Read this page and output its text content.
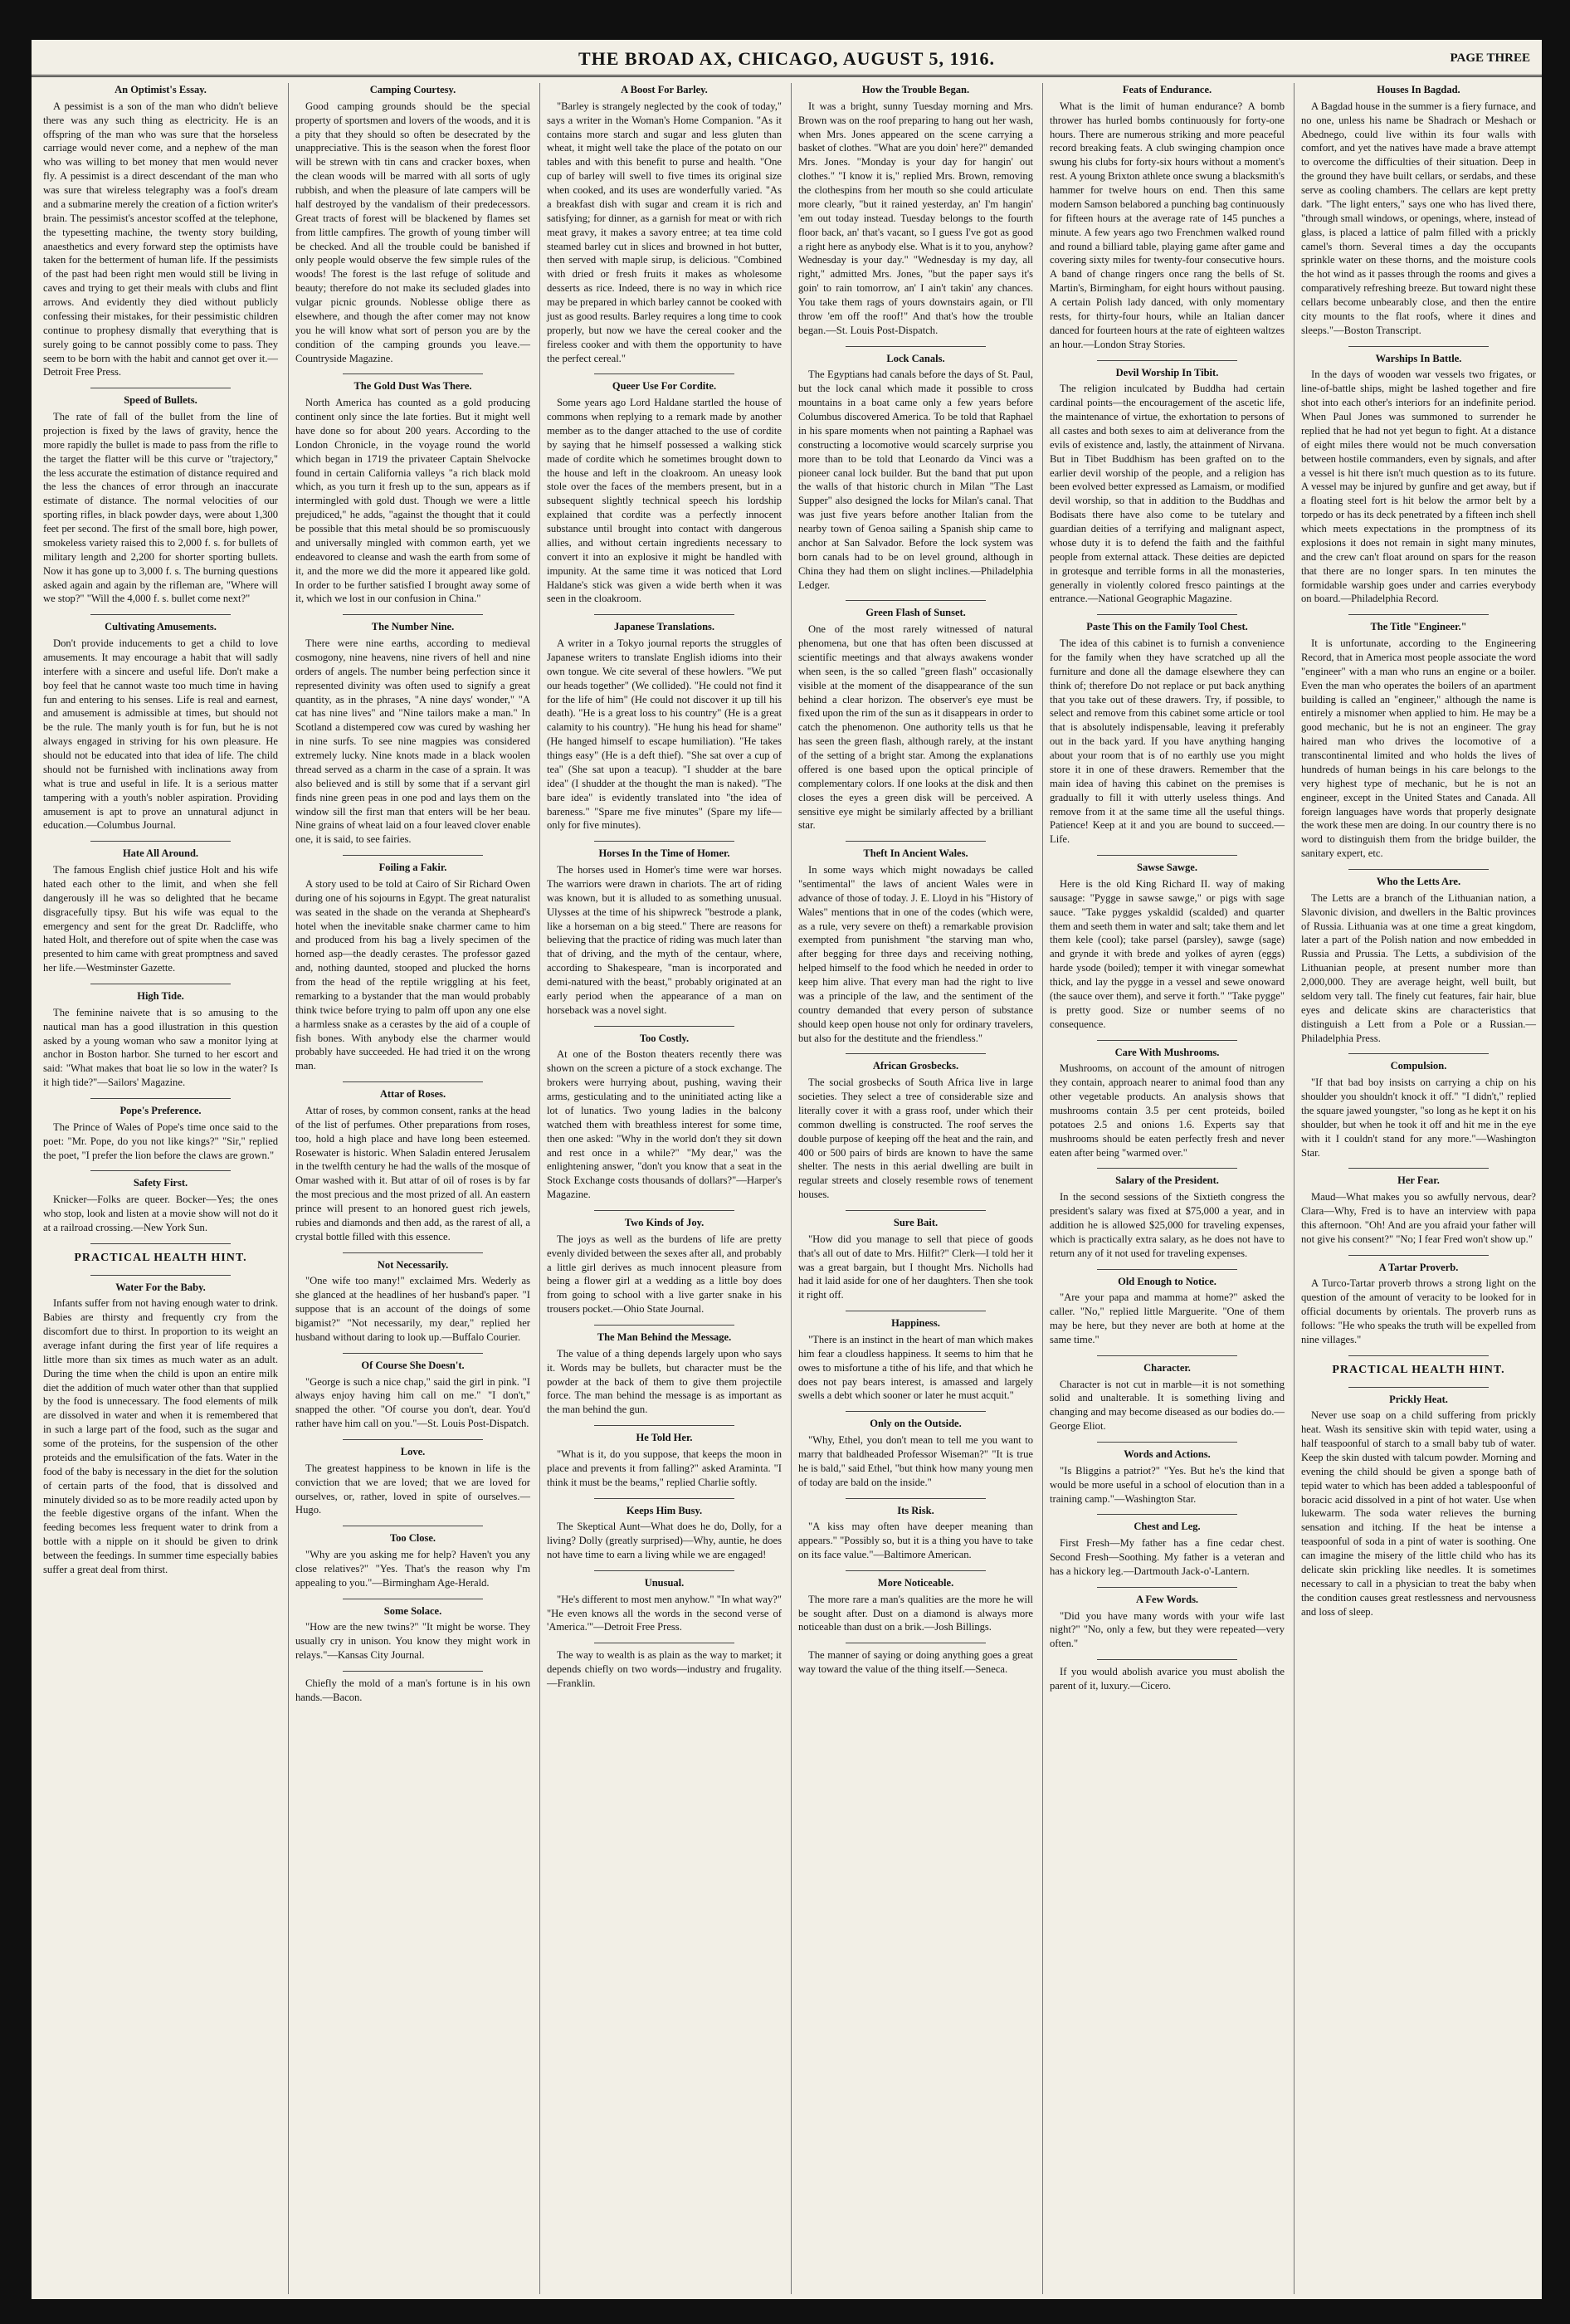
THE BROAD AX, CHICAGO, AUGUST 5, 1916.	PAGE THREE
An Optimist's Essay.

A pessimist is a son of the man who didn't believe there was any such thing as electricity. He is an offspring of the man who was sure that the horseless carriage would never come, and a nephew of the man who was willing to bet money that men would never fly. A pessimist is a direct descendant of the man who was sure that wireless telegraphy was a fool's dream and a submarine merely the creation of a fiction writer's brain. The pessimist's ancestor scoffed at the telephone, the typesetting machine, the twenty story building, anaesthetics and every forward step the optimists have taken for the betterment of human life. If the pessimists of the past had been right men would still be living in caves and trying to get their meals with clubs and flint arrows. And evidently they died without publicly confessing their mistakes, for their pessimistic children continue to prophesy dismally that everything that is surely going to be cannot possibly come to pass. They seem to be born with the habit and cannot get over it.—Detroit Free Press.

Speed of Bullets.

The rate of fall of the bullet from the line of projection is fixed by the laws of gravity, hence the more rapidly the bullet is made to pass from the rifle to the target the flatter will be this curve or "trajectory," the less accurate the estimation of distance required and the less the chances of error through an inaccurate estimate of distance. The normal velocities of our sporting rifles, in black powder days, were about 1,300 feet per second. The first of the small bore, high power, smokeless variety raised this to 2,000 f. s. for bullets of military length and 2,200 for shorter sporting bullets. Now it has gone up to 3,000 f. s. The burning questions asked again and again by the rifleman are, "Where will we stop?" "Will the 4,000 f. s. bullet come next?"

Cultivating Amusements.

Don't provide inducements to get a child to love amusements. It may encourage a habit that will sadly interfere with a sincere and useful life. Don't make a boy feel that he cannot waste too much time in having fun and entering to his senses. Life is real and earnest, and amusement is admissible at times, but should not be the rule. The manly youth is for fun, but he is not always engaged in striving for his own pleasure. He should not be educated into that idea of life. The child should not be furnished with inclinations away from what is true and useful in life. It is a serious matter tampering with a youth's nobler aspiration. Providing amusement is apt to prove an unnatural adjunct in education.—Columbus Journal.

Hate All Around.

The famous English chief justice Holt and his wife hated each other to the limit, and when she fell dangerously ill he was so delighted that he became disgracefully tipsy. But his wife was equal to the emergency and sent for the great Dr. Radcliffe, who hated Holt, and therefore out of spite when the case was presented to him came with great promptness and saved her life.—Westminster Gazette.

High Tide.

The feminine naivete that is so amusing to the nautical man has a good illustration in this question asked by a young woman who saw a monitor lying at anchor in Boston harbor. She turned to her escort and said: "What makes that boat lie so low in the water? Is it high tide?"—Sailors' Magazine.

Pope's Preference.

The Prince of Wales of Pope's time once said to the poet: "Mr. Pope, do you not like kings?" "Sir," replied the poet, "I prefer the lion before the claws are grown."

Safety First.

Knicker—Folks are queer. Bocker—Yes; the ones who stop, look and listen at a movie show will not do it at a railroad crossing.—New York Sun.

PRACTICAL HEALTH HINT.
Water For the Baby.

Infants suffer from not having enough water to drink. Babies are thirsty and frequently cry from the discomfort due to thirst. In proportion to its weight an average infant during the first year of life requires a little more than six times as much water as an adult. During the time when the child is upon an entire milk diet the addition of much water other than that supplied by the food is unnecessary. The food elements of milk are dissolved in water and when it is remembered that in such a large part of the food, such as the sugar and some of the proteins, for the suspension of the other proteids and the emulsification of the fats. Water in the food of the baby is necessary in the diet for the solution of certain parts of the food, that is dissolved and minutely divided so as to be more readily acted upon by the feeble digestive organs of the infant. When the feeding becomes less frequent water to drink from a bottle with a nipple on it should be given to drink between the feedings. In summer time especially babies suffer a great deal from thirst.

Camping Courtesy.

Good camping grounds should be the special property of sportsmen and lovers of the woods, and it is a pity that they should so often be desecrated by the unappreciative. This is the season when the forest floor will be strewn with tin cans and cracker boxes, when the clean woods will be marred with all sorts of ugly rubbish, and when the pleasure of late campers will be half destroyed by the vandalism of their predecessors. Great tracts of forest will be blackened by flames set from little campfires. The growth of young timber will be checked. And all the trouble could be banished if only people would observe the few simple rules of the woods! The forest is the last refuge of solitude and beauty; therefore do not make its secluded glades into vulgar picnic grounds. Noblesse oblige there as elsewhere, and though the after comer may not know you he will know what sort of person you are by the condition of the camping grounds you leave.—Countryside Magazine.

The Gold Dust Was There.

North America has counted as a gold producing continent only since the late forties. But it might well have done so for about 200 years. According to the London Chronicle, in the voyage round the world which began in 1719 the privateer Captain Shelvocke found in certain California valleys "a rich black mold which, as you turn it fresh up to the sun, appears as if intermingled with gold dust. Though we were a little prejudiced," he adds, "against the thought that it could be possible that this metal should be so promiscuously and universally mingled with common earth, yet we endeavored to cleanse and wash the earth from some of it, and the more we did the more it appeared like gold. In order to be further satisfied I brought away some of it, which we lost in our confusion in China."

The Number Nine.

There were nine earths, according to medieval cosmogony, nine heavens, nine rivers of hell and nine orders of angels. The number being perfection since it represented divinity was often used to signify a great quantity, as in the phrases, "A nine days' wonder," "A cat has nine lives" and "Nine tailors make a man." In Scotland a distempered cow was cured by washing her in nine surfs. To see nine magpies was considered extremely lucky. Nine knots made in a black woolen thread served as a charm in the case of a sprain. It was also believed and is still by some that if a servant girl finds nine green peas in one pod and lays them on the window sill the first man that enters will be her beau. Nine grains of wheat laid on a four leaved clover enable one, it is said, to see fairies.

Foiling a Fakir.

A story used to be told at Cairo of Sir Richard Owen during one of his sojourns in Egypt. The great naturalist was seated in the shade on the veranda at Shepheard's hotel when the inevitable snake charmer came to him and produced from his bag a lively specimen of the horned asp—the deadly cerastes. The professor gazed and, nothing daunted, stooped and plucked the horns from the head of the reptile wriggling at his feet, remarking to a bystander that the man would probably think twice before trying to palm off upon any one else a harmless snake as a cerastes by the aid of a couple of fish bones. With anybody else the charmer would probably have succeeded. He had tried it on the wrong man.

Attar of Roses.

Attar of roses, by common consent, ranks at the head of the list of perfumes. Other preparations from roses, too, hold a high place and have long been esteemed. Rosewater is historic. When Saladin entered Jerusalem in the twelfth century he had the walls of the mosque of Omar washed with it. But attar of oil of roses is by far the most precious and the most prized of all. An eastern prince will present to an honored guest rich jewels, rubies and diamonds and then add, as the rarest of all, a crystal bottle filled with this essence.

Not Necessarily.

"One wife too many!" exclaimed Mrs. Wederly as she glanced at the headlines of her husband's paper. "I suppose that is an account of the doings of some bigamist?" "Not necessarily, my dear," replied her husband without daring to look up.—Buffalo Courier.

Of Course She Doesn't.

"George is such a nice chap," said the girl in pink. "I always enjoy having him call on me." "I don't," snapped the other. "Of course you don't, dear. You'd rather have him call on you."—St. Louis Post-Dispatch.

Love.

The greatest happiness to be known in life is the conviction that we are loved; that we are loved for ourselves, or, rather, loved in spite of ourselves.—Hugo.

Too Close.

"Why are you asking me for help? Haven't you any close relatives?" "Yes. That's the reason why I'm appealing to you."—Birmingham Age-Herald.

Some Solace.

"How are the new twins?" "It might be worse. They usually cry in unison. You know they might work in relays."—Kansas City Journal.

Chiefly the mold of a man's fortune is in his own hands.—Bacon.

A Boost For Barley.

"Barley is strangely neglected by the cook of today," says a writer in the Woman's Home Companion. "As it contains more starch and sugar and less gluten than wheat, it might well take the place of the potato on our tables and with this benefit to purse and health. "One cup of barley will swell to five times its original size when cooked, and its uses are wonderfully varied. "As a breakfast dish with sugar and cream it is rich and satisfying; for dinner, as a garnish for meat or with rich meat gravy, it makes a savory entree; at tea time cold steamed barley cut in slices and browned in hot butter, then served with maple sirup, is delicious. "Combined with dried or fresh fruits it makes as wholesome desserts as rice. Indeed, there is no way in which rice may be prepared in which barley cannot be cooked with just as good results. Barley requires a long time to cook properly, but now we have the cereal cooker and the fireless cooker and with them the opportunity to have the perfect cereal."

Queer Use For Cordite.

Some years ago Lord Haldane startled the house of commons when replying to a remark made by another member as to the danger attached to the use of cordite by saying that he himself possessed a walking stick made of cordite which he sometimes brought down to the house and left in the cloakroom. An uneasy look stole over the faces of the members present, but in a subsequent slightly technical speech his lordship explained that cordite was a perfectly innocent substance until brought into contact with dangerous allies, and without certain ingredients necessary to convert it into an explosive it might be handled with impunity. At the same time it was noticed that Lord Haldane's stick was given a wide berth when it was seen in the cloakroom.

Japanese Translations.

A writer in a Tokyo journal reports the struggles of Japanese writers to translate English idioms into their own tongue. We cite several of these howlers. "We put our heads together" (We collided). "He could not find it for the life of him" (He could not discover it up till his death). "He is a great loss to his country" (He is a great calamity to his country). "He hung his head for shame" (He hanged himself to escape humiliation). "He takes things easy" (He is a deft thief). "She sat over a cup of tea" (She sat upon a teacup). "I shudder at the bare idea" (I shudder at the thought the man is naked). "The bare idea" is evidently translated into "the idea of bareness." "Spare me five minutes" (Spare my life—only for five minutes).

Horses In the Time of Homer.

The horses used in Homer's time were war horses. The warriors were drawn in chariots. The art of riding was known, but it is alluded to as something unusual. Ulysses at the time of his shipwreck "bestrode a plank, like a horseman on a big steed." There are reasons for believing that the practice of riding was much later than that of driving, and the myth of the centaur, where, according to Shakespeare, "man is incorporated and demi-natured with the beast," probably originated at an early period when the appearance of a man on horseback was a novel sight.

Too Costly.

At one of the Boston theaters recently there was shown on the screen a picture of a stock exchange. The brokers were hurrying about, pushing, waving their arms, gesticulating and to the uninitiated acting like a lot of lunatics. Two young ladies in the balcony watched them with breathless interest for some time, then one asked: "Why in the world don't they sit down and rest once in a while?" "My dear," was the enlightening answer, "don't you know that a seat in the Stock Exchange costs thousands of dollars?"—Harper's Magazine.

Two Kinds of Joy.

The joys as well as the burdens of life are pretty evenly divided between the sexes after all, and probably a little girl derives as much innocent pleasure from being a flower girl at a wedding as a little boy does from going to school with a live garter snake in his trousers pocket.—Ohio State Journal.

The Man Behind the Message.

The value of a thing depends largely upon who says it. Words may be bullets, but character must be the powder at the back of them to give them projectile force. The man behind the message is as important as the man behind the gun.

He Told Her.

"What is it, do you suppose, that keeps the moon in place and prevents it from falling?" asked Araminta. "I think it must be the beams," replied Charlie softly.

Keeps Him Busy.

The Skeptical Aunt—What does he do, Dolly, for a living? Dolly (greatly surprised)—Why, auntie, he does not have time to earn a living while we are engaged!

Unusual.

"He's different to most men anyhow." "In what way?" "He even knows all the words in the second verse of 'America.'"—Detroit Free Press.

The way to wealth is as plain as the way to market; it depends chiefly on two words—industry and frugality.—Franklin.

How the Trouble Began.

It was a bright, sunny Tuesday morning and Mrs. Brown was on the roof preparing to hang out her wash, when Mrs. Jones appeared on the scene carrying a basket of clothes. "What are you doin' here?" demanded Mrs. Jones. "Monday is your day for hangin' out clothes." "I know it is," replied Mrs. Brown, removing the clothespins from her mouth so she could articulate more clearly, "but it rained yesterday, an' I'm hangin' 'em out today instead. Tuesday belongs to the fourth floor back, an' that's vacant, so I guess I've got as good a right here as anybody else. What is it to you, anyhow? Wednesday is your day." "Wednesday is my day, all right," admitted Mrs. Jones, "but the paper says it's goin' to rain tomorrow, an' I ain't takin' any chances. You take them rags of yours downstairs again, or I'll throw 'em off the roof!" And that's how the trouble began.—St. Louis Post-Dispatch.

Lock Canals.

The Egyptians had canals before the days of St. Paul, but the lock canal which made it possible to cross mountains in a boat came only a few years before Columbus discovered America. To be told that Raphael in his spare moments when not painting a Raphael was constructing a locomotive would scarcely surprise you more than to be told that Leonardo da Vinci was a pioneer canal lock builder. But the band that put upon the walls of that historic church in Milan "The Last Supper" also designed the locks for Milan's canal. That was just five years before another Italian from the nearby town of Genoa sailing a Spanish ship came to anchor at San Salvador. Before the lock system was born canals had to be on level ground, although in China they had them on slight inclines.—Philadelphia Ledger.

Green Flash of Sunset.

One of the most rarely witnessed of natural phenomena, but one that has often been discussed at scientific meetings and that always awakens wonder when seen, is the so called "green flash" occasionally visible at the moment of the disappearance of the sun behind a clear horizon. The observer's eye must be fixed upon the rim of the sun as it disappears in order to catch the phenomenon. One authority tells us that he has seen the green flash, although rarely, at the instant of the setting of a bright star. Among the explanations offered is one based upon the optical principle of complementary colors. If one looks at the disk and then closes the eyes a green disk will be perceived. A sensitive eye might be similarly affected by a brilliant star.

Theft In Ancient Wales.

In some ways which might nowadays be called "sentimental" the laws of ancient Wales were in advance of those of today. J. E. Lloyd in his "History of Wales" mentions that in one of the codes (which were, as a rule, very severe on theft) a remarkable provision exempted from punishment "the starving man who, after begging for three days and receiving nothing, helped himself to the food which he needed in order to keep him alive. That every man had the right to live was a principle of the law, and the sentiment of the country demanded that every person of substance should keep open house not only for ordinary travelers, but also for the destitute and the friendless."

African Grosbecks.

The social grosbecks of South Africa live in large societies. They select a tree of considerable size and literally cover it with a grass roof, under which their common dwelling is constructed. The roof serves the double purpose of keeping off the heat and the rain, and 400 or 500 pairs of birds are known to have the same shelter. The nests in this aerial dwelling are built in regular streets and closely resemble rows of tenement houses.

Sure Bait.

"How did you manage to sell that piece of goods that's all out of date to Mrs. Hilfit?" Clerk—I told her it was a great bargain, but I thought Mrs. Nicholls had had it laid aside for one of her daughters. Then she took it right off.

Happiness.

"There is an instinct in the heart of man which makes him fear a cloudless happiness. It seems to him that he owes to misfortune a tithe of his life, and that which he does not pay bears interest, is amassed and largely swells a debt which sooner or later he must acquit."

Only on the Outside.

"Why, Ethel, you don't mean to tell me you want to marry that baldheaded Professor Wiseman?" "It is true he is bald," said Ethel, "but think how many young men of today are bald on the inside."

Its Risk.

"A kiss may often have deeper meaning than appears." "Possibly so, but it is a thing you have to take on its face value."—Baltimore American.

More Noticeable.

The more rare a man's qualities are the more he will be sought after. Dust on a diamond is always more noticeable than dust on a brik.—Josh Billings.

The manner of saying or doing anything goes a great way toward the value of the thing itself.—Seneca.

Feats of Endurance.

What is the limit of human endurance? A bomb thrower has hurled bombs continuously for forty-one hours. There are numerous striking and more peaceful record breaking feats. A club swinging champion once swung his clubs for forty-six hours without a moment's rest. A young Brixton athlete once swung a blacksmith's hammer for twelve hours on end. Then this same modern Samson belabored a punching bag continuously for fifteen hours at the average rate of 145 punches a minute. A few years ago two Frenchmen walked round and round a billiard table, playing game after game and covering sixty miles for twenty-four consecutive hours. A band of change ringers once rang the bells of St. Martin's, Birmingham, for eight hours without pausing. A certain Polish lady danced, with only momentary rests, for thirty-four hours, while an Italian dancer danced for fourteen hours at the rate of eighteen waltzes an hour.—London Stray Stories.

Devil Worship In Tibit.

The religion inculcated by Buddha had certain cardinal points—the encouragement of the ascetic life, the maintenance of virtue, the exhortation to persons of all castes and both sexes to aim at deliverance from the evils of existence and, lastly, the attainment of Nirvana. But in Tibet Buddhism has been grafted on to the earlier devil worship of the people, and a religion has been evolved better expressed as Lamaism, or modified devil worship, so that in addition to the Buddhas and Bodisats there have also come to be tutelary and guardian deities of a terrifying and malignant aspect, whose duty it is to defend the faith and the faithful people from external attack. These deities are depicted in grotesque and terrible forms in all the monasteries, generally in violently colored fresco paintings at the entrance.—National Geographic Magazine.

Paste This on the Family Tool Chest.

The idea of this cabinet is to furnish a convenience for the family when they have scratched up all the furniture and done all the damage elsewhere they can think of; therefore Do not replace or put back anything that you take out of these drawers. Try, if possible, to select and remove from this cabinet some article or tool that is absolutely indispensable, leaving it preferably out in the back yard. If you have anything hanging about your room that is of no earthly use you might store it in one of these drawers. Remember that the main idea of having this cabinet on the premises is gradually to fill it with utterly useless things. And remove from it at the same time all the useful things. Patience! Keep at it and you are bound to succeed.—Life.

Sawse Sawge.

Here is the old King Richard II. way of making sausage: "Pygge in sawse sawge," or pigs with sage sauce. "Take pygges yskaldid (scalded) and quarter them and seeth them in water and salt; take them and let them kele (cool); take parsel (parsley), sawge (sage) and grynde it with brede and yolkes of ayren (eggs) harde ysode (boiled); temper it with vinegar somewhat thick, and lay the pygge in a vessel and sewe onoward (the sauce over them), and serve it forth." "Take pygge" is pretty good. Size or number seems of no consequence.

Care With Mushrooms.

Mushrooms, on account of the amount of nitrogen they contain, approach nearer to animal food than any other vegetable products. An analysis shows that mushrooms contain 3.5 per cent proteids, boiled potatoes 2.5 and onions 1.6. Experts say that mushrooms should be eaten perfectly fresh and never eaten after being "warmed over."

Salary of the President.

In the second sessions of the Sixtieth congress the president's salary was fixed at $75,000 a year, and in addition he is allowed $25,000 for traveling expenses, which is practically extra salary, as he does not have to return any of it not used for traveling expenses.

Old Enough to Notice.

"Are your papa and mamma at home?" asked the caller. "No," replied little Marguerite. "One of them may be here, but they never are both at home at the same time."

Character.

Character is not cut in marble—it is not something solid and unalterable. It is something living and changing and may become diseased as our bodies do.—George Eliot.

Words and Actions.

"Is Bliggins a patriot?" "Yes. But he's the kind that would be more useful in a school of elocution than in a training camp."—Washington Star.

Chest and Leg.

First Fresh—My father has a fine cedar chest. Second Fresh—Soothing. My father is a veteran and has a hickory leg.—Dartmouth Jack-o'-Lantern.

A Few Words.

"Did you have many words with your wife last night?" "No, only a few, but they were repeated—very often."

If you would abolish avarice you must abolish the parent of it, luxury.—Cicero.

Houses In Bagdad.

A Bagdad house in the summer is a fiery furnace, and no one, unless his name be Shadrach or Meshach or Abednego, could live within its four walls with comfort, and yet the natives have made a brave attempt to overcome the difficulties of their situation. Deep in the ground they have built cellars, or serdabs, and these serve as cooling chambers. The cellars are kept pretty dark. "The light enters," says one who has lived there, "through small windows, or openings, where, instead of glass, is placed a lattice of palm filled with a prickly camel's thorn. Several times a day the occupants sprinkle water on these thorns, and the moisture cools the hot wind as it passes through the rooms and gives a comparatively refreshing breeze. But toward night these cellars become unbearably close, and then the entire city mounts to the flat roofs, where it dines and sleeps."—Boston Transcript.

Warships In Battle.

In the days of wooden war vessels two frigates, or line-of-battle ships, might be lashed together and fire shot into each other's interiors for an indefinite period. When Paul Jones was summoned to surrender he replied that he had not yet begun to fight. At a distance of eight miles there would not be much conversation between hostile commanders, even by signals, and after a vessel is hit there isn't much question as to its future. A vessel may be injured by gunfire and get away, but if a floating steel fort is hit below the armor belt by a torpedo or has its deck penetrated by a fifteen inch shell which meets expectations in the promptness of its explosions it does not remain in sight many minutes, and the crew can't float around on spars for the reason that there are no longer spars. In ten minutes the formidable warship goes under and carries everybody on board.—Philadelphia Record.

The Title "Engineer."

It is unfortunate, according to the Engineering Record, that in America most people associate the word "engineer" with a man who runs an engine or a boiler. Even the man who operates the boilers of an apartment building is called an "engineer," although the name is entirely a misnomer when applied to him. He may be a good mechanic, but he is not an engineer. The gray haired man who drives the locomotive of a transcontinental limited and who holds the lives of hundreds of human beings in his care belongs to the very highest type of mechanic, but he is not an engineer, except in the United States and Canada. All foreign languages have words that properly designate the work these men are doing. In our country there is no word to distinguish them from the bridge builder, the sanitary expert, etc.

Who the Letts Are.

The Letts are a branch of the Lithuanian nation, a Slavonic division, and dwellers in the Baltic provinces of Russia. Lithuania was at one time a great kingdom, later a part of the Polish nation and now embedded in Russia and Prussia. The Letts, a subdivision of the Lithuanian people, at present number more than 2,000,000. They are average height, well built, but seldom very tall. The finely cut features, fair hair, blue eyes and delicate skins are characteristics that distinguish a Lett from a Pole or a Russian.—Philadelphia Press.

Compulsion.

"If that bad boy insists on carrying a chip on his shoulder you shouldn't knock it off." "I didn't," replied the square jawed youngster, "so long as he kept it on his shoulder, but when he took it off and hit me in the eye with it I couldn't stand for any more."—Washington Star.

Her Fear.

Maud—What makes you so awfully nervous, dear? Clara—Why, Fred is to have an interview with papa this afternoon. "Oh! And are you afraid your father will not give his consent?" "No; I fear Fred won't show up."

A Tartar Proverb.

A Turco-Tartar proverb throws a strong light on the question of the amount of veracity to be looked for in official documents by orientals. The proverb runs as follows: "He who speaks the truth will be expelled from nine villages."

PRACTICAL HEALTH HINT.
Prickly Heat.

Never use soap on a child suffering from prickly heat. Wash its sensitive skin with tepid water, using a half teaspoonful of starch to a small baby tub of water. Keep the skin dusted with talcum powder. Morning and evening the child should be given a sponge bath of tepid water to which has been added a tablespoonful of boracic acid dissolved in a pint of hot water. Use when lukewarm. The soda water relieves the burning sensation and itching. If the heat be intense a teaspoonful of soda in a pint of water is soothing. One can imagine the misery of the little child who has its delicate skin prickling like needles. It is sometimes necessary to call in a physician to treat the baby when the condition causes great restlessness and nervousness and loss of sleep.
